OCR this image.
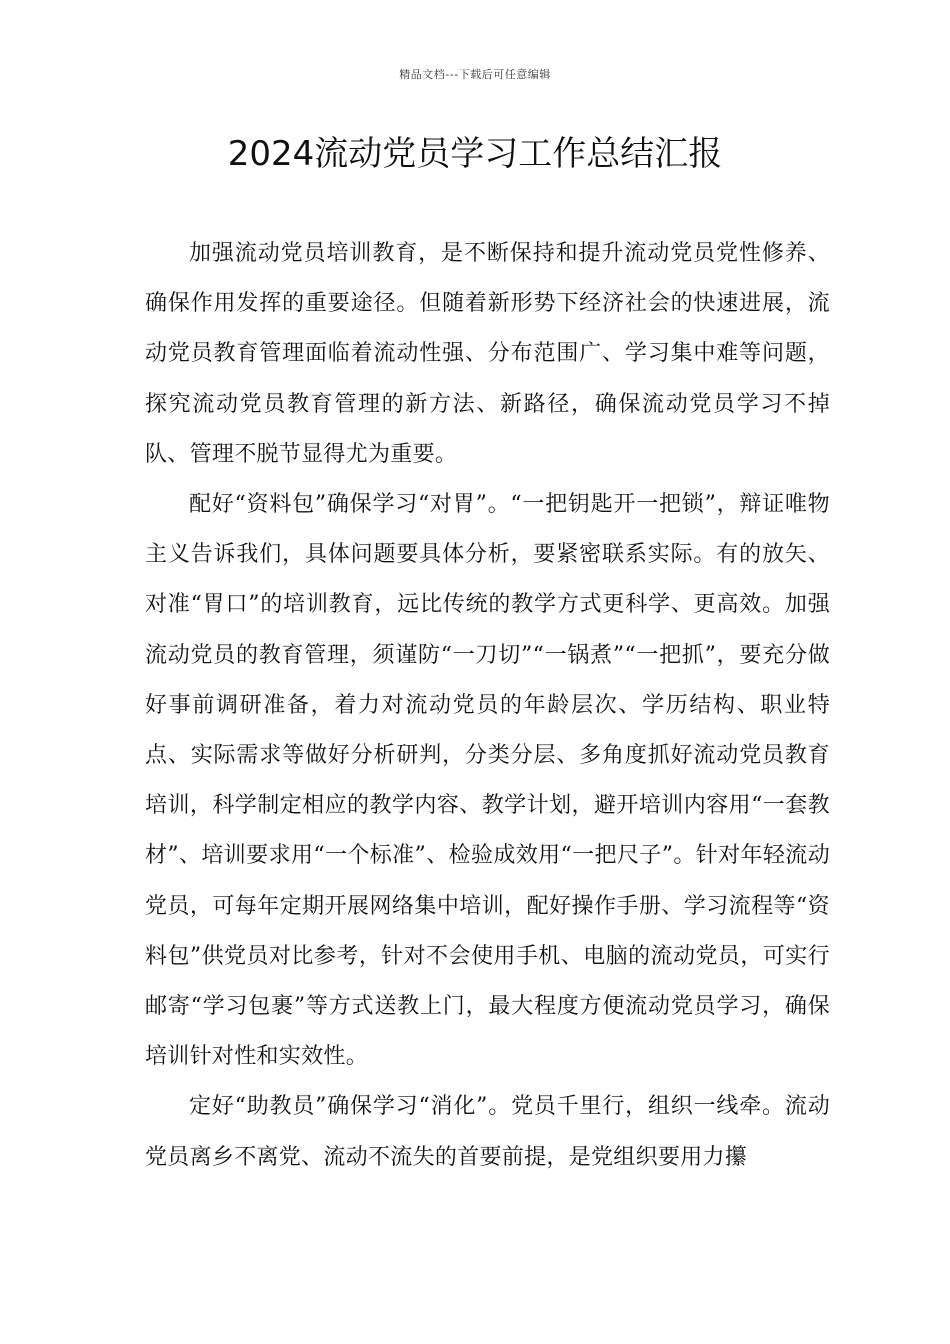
精品文档---下载后可任意编辑
2024流动党员学习工作总结汇报

加强流动党员培训教育，是不断保持和提升流动党员党性修养、确保作用发挥的重要途径。但随着新形势下经济社会的快速进展，流动党员教育管理面临着流动性强、分布范围广、学习集中难等问题，探究流动党员教育管理的新方法、新路径，确保流动党员学习不掉队、管理不脱节显得尤为重要。

配好“资料包”确保学习“对胃”。“一把钥匙开一把锁”，辩证唯物主义告诉我们，具体问题要具体分析，要紧密联系实际。有的放矢、对准“胃口”的培训教育，远比传统的教学方式更科学、更高效。加强流动党员的教育管理，须谨防“一刀切”“一锅煮”“一把抓”，要充分做好事前调研准备，着力对流动党员的年龄层次、学历结构、职业特点、实际需求等做好分析研判，分类分层、多角度抓好流动党员教育培训，科学制定相应的教学内容、教学计划，避开培训内容用“一套教材”、培训要求用“一个标准”、检验成效用“一把尺子”。针对年轻流动党员，可每年定期开展网络集中培训，配好操作手册、学习流程等“资料包”供党员对比参考，针对不会使用手机、电脑的流动党员，可实行邮寄“学习包裹”等方式送教上门，最大程度方便流动党员学习，确保培训针对性和实效性。

定好“助教员”确保学习“消化”。党员千里行，组织一线牵。流动党员离乡不离党、流动不流失的首要前提，是党组织要用力攥
